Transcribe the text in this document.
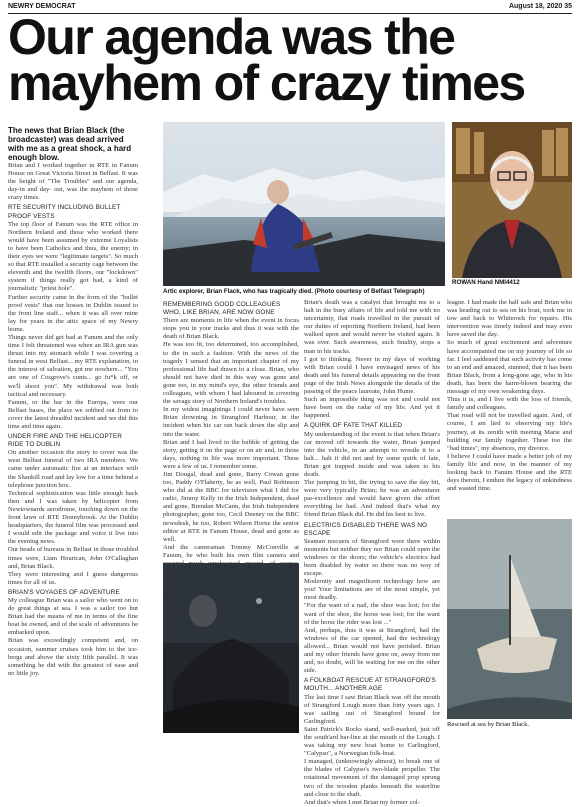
NEWRY DEMOCRAT	August 18, 2020 35
Our agenda was the
mayhem of crazy times

The news that Brian Black (the broadcaster) was dead arrived with me as a great shock, a hard enough blow.

Brian and I worked together in RTE in Fanum House on Great Victoria Street in Belfast. It was the height of "The Troubles" and our agenda, day-in and day- out, was the mayhem of those crazy times.

RTE SECURITY INCLUDING BULLET PROOF VESTS

The top floor of Fanum was the RTE office in Northern Ireland and those who worked there would have been assumed by extreme Loyalists to have been Catholics and thus, the enemy; in their eyes we were "legitimate targets". So much so that RTE installed a security cage between the eleventh and the twelfth floors, our "lockdown" system if things really got bad, a kind of journalistic "priest hole".

Further security came in the form of the "bullet proof vests" that our bosses in Dublin issued to the front line staff... when it was all over mine lay for years in the attic space of my Newry home.

Things never did get bad at Fanum and the only time I felt threatened was when an IRA gun was thrust into my stomach while I was covering a funeral in west Belfast... my RTE explanation, in the interest of salvation, got me nowhere... "You are one of Cosgrove's cunts... go fu*k off, or we'll shoot you". My withdrawal was both tactical and necessary.

Fanum, or the bar in the Europa, were our Belfast bases, the place we sobbed out from to cover the latest dreadful incident and we did this time and time again.

UNDER FIRE AND THE HELICOPTER RIDE TO DUBLIN

On another occasion the story to cover was the west Belfast funeral of two IRA members. We came under automatic fire at an interface with the Shankill road and lay low for a time behind a telephone junction box.

Technical sophistication was little enough back then and I was taken by helicopter from Newtownards aerodrome, touching down on the front lawn of RTE Donnybrook. At the Dublin headquarters, the funeral film was processed and I would edit the package and voice it live into the evening news.

Our heads of bureaus in Belfast in those troubled times were, Liam Hourican, John O'Callaghan and, Brian Black.

They were interesting and I guess dangerous times for all of us.

BRIAN'S VOYAGES OF ADVENTURE

My colleague Brian was a sailor who went on to do great things at sea. I was a sailor too but Brian had the means of me in terms of the fine boat he owned, and of the scale of adventures he embarked upon.

Brian was exceedingly competent and, on occasion, summer cruises took him to the ice-bergs and above the sixty fifth parallel. It was something he did with the greatest of ease and no little joy.

Artic explorer, Brian Flack, who has tragically died. (Photo courtesy of Belfast Telegraph)
ROWAN Hand NMI4412

REMEMBERING GOOD COLLEAGUES WHO, LIKE BRIAN, ARE NOW GONE

There are moments in life when the event in focus stops you in your tracks and thus it was with the death of Brian Black.

He was too fit, too determined, too accomplished, to die in such a fashion. With the news of the tragedy I sensed that an important chapter of my professional life had drawn to a close. Brian, who should not have died in this way was gone and gone too, in my mind's eye, the other friends and colleagues, with whom I had laboured in covering the savage story of Northern Ireland's troubles.

In my widest imaginings I could never have seen Brian drowning in Strangford Harbour, in the incident when his car ran back down the slip and into the water.

Brian and I had lived in the bubble of getting the story, getting it on the page or on air and, in those days, nothing in life was more important. These were a few of us. I remember some.

Jim Dougal, dead and gone, Barry Cowan gone too, Paddy O'Flaherty, he as well, Paul Robinson who did at the BBC for television what I did for radio, Jimmy Kelly in the Irish Independent, dead and gone, Brendan McCann, the Irish Independent photographer, gone too, Cecil Deeney on the BBC newsdesk, he too, Robert Wilson Horne the senior editor at RTE in Fanum House, dead and gone as well.

And the cameraman Tommy McConville at Fanum, he who built his own film camera and

Brian's death was a catalyst that brought me to a halt in the busy affairs of life and told me with no uncertainty, that roads travelled in the pursuit of our duties of reporting Northern Ireland, had been walked upon and would never be visited again. It was over. Such awareness, such finality, stops a man in his tracks.

I got to thinking. Never in my days of working with Brian could I have envisaged news of his death and his funeral details appearing on the front page of the Irish News alongside the details of the passing of the peace laureate, John Hume.

Such an impossible thing was not and could not have been on the radar of my life. And yet it happened.

A QUIRK OF FATE THAT KILLED

My understanding of the event is that when Brian's car moved off towards the water, Brian jumped into the vehicle, in an attempt to wrestle it to a halt... halt it did not and by some quirk of fate, Brian got trapped inside and was taken to his death.

The jumping in bit, the trying to save the day bit, were very typically Brian; he was an adventurer par-excellence and would have given the effort everything he had. And indeed that's what my friend Brian Black did. He did his best to live.

ELECTRICS DISABLED THERE WAS NO ESCAPE

Seaman rescuers of Strangford were there within moments but neither they nor Brian could open the windows or the doors; the vehicle's electrics had been disabled by water so there was no way of escape.

Modernity and magnificent technology how are you! Your limitations are of the most simple, yet most deadly.

"For the want of a nail, the shoe was lost; for the want of the shoe, the horse was lost; for the want of the horse the rider was lost ..."

And, perhaps, thus it was at Strangford, had the windows of the car opened, had the technology allowed... Brian would not have perished. Brian and my other friends have gone on, away from me and, no doubt, will be waiting for me on the other side.

A FOLKBOAT RESCUE AT STRANGFORD'S MOUTH... ANOTHER AGE

The last time I saw Brian Black was off the mouth of Strangford Lough more than forty years ago. I was sailing out of Strangford bound for Carlingford.

Saint Patrick's Rocks stand, well-marked, just off the south'ard bar-line at the mouth of the Lough. I was taking my new boat home to Carlingford, "Calypso", a Norwegian folk-boat.

I managed, (unknowingly almost), to break one of the blades of Calypso's two-blade propeller. The rotational movement of the damaged prop sprung two of the wooden planks beneath the waterline and close to the shaft.

And that's when I met Brian my former col-

league. I had made the half safe and Brian who was heading out to sea on his boat, took me in tow and back to Whiterock for repairs. His intervention was timely indeed and may even have saved the day.

So much of great excitement and adventure have accompanied me on my journey of life so far. I feel saddened that such activity has come to an end and amazed, stunned, that it has been Brian Black, from a long-gone age, who in his death, has been the harm-blown bearing the message of my own weakening days.

Thus it is, and I live with the loss of friends, family and colleagues.

That road will not be travelled again. And, of course, I am lied to observing my life's journey, at its zenith with meeting Marie and building our family together. These too the "bad times", my absences, my divorce.

I believe I could have made a better job of my family life and now, in the manner of my looking back to Fanum House and the RTE days therein, I endure the legacy of unkindness and wasted time.

Rescued at sea by Brian Black.
